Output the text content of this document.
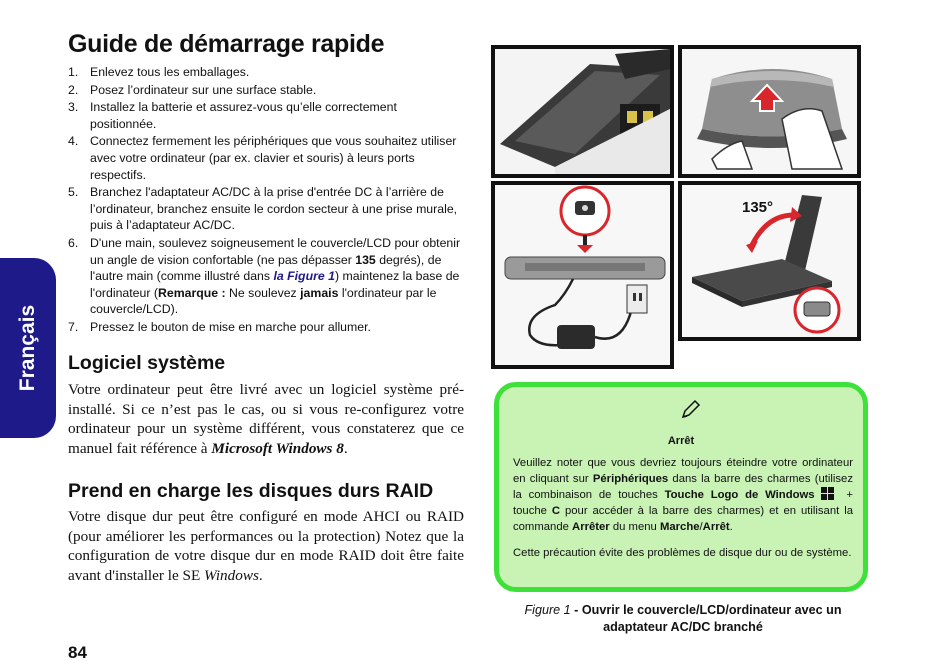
Français
Guide de démarrage rapide
1. Enlevez tous les emballages.
2. Posez l’ordinateur sur une surface stable.
3. Installez la batterie et assurez-vous qu’elle correctement positionnée.
4. Connectez fermement les périphériques que vous souhaitez utiliser avec votre ordinateur (par ex. clavier et souris) à leurs ports respectifs.
5. Branchez l'adaptateur AC/DC à la prise d'entrée DC à l’arrière de l’ordinateur, branchez ensuite le cordon secteur à une prise murale, puis à l’adaptateur AC/DC.
6. D'une main, soulevez soigneusement le couvercle/LCD pour obtenir un angle de vision confortable (ne pas dépasser 135 degrés), de l'autre main (comme illustré dans la Figure 1) maintenez la base de l'ordinateur (Remarque : Ne soulevez jamais l'ordinateur par le couvercle/LCD).
7. Pressez le bouton de mise en marche pour allumer.
Logiciel système

Votre ordinateur peut être livré avec un logiciel système pré-installé. Si ce n’est pas le cas, ou si vous re-configurez votre ordinateur pour un système différent, vous constaterez que ce manuel fait référence à Microsoft Windows 8.

Prend en charge les disques durs RAID

Votre disque dur peut être configuré en mode AHCI ou RAID (pour améliorer les performances ou la protection) Notez que la configuration de votre disque dur en mode RAID doit être faite avant d'installer le SE Windows.

84
135°
Arrêt

Veuillez noter que vous devriez toujours éteindre votre ordinateur en cliquant sur Périphériques dans la barre des charmes (utilisez la combinaison de touches Touche Logo de Windows + touche C pour accéder à la barre des charmes) et en utilisant la commande Arrêter du menu Marche/Arrêt.

Cette précaution évite des problèmes de disque dur ou de système.

Figure 1 - Ouvrir le couvercle/LCD/ordinateur avec un adaptateur AC/DC branché
